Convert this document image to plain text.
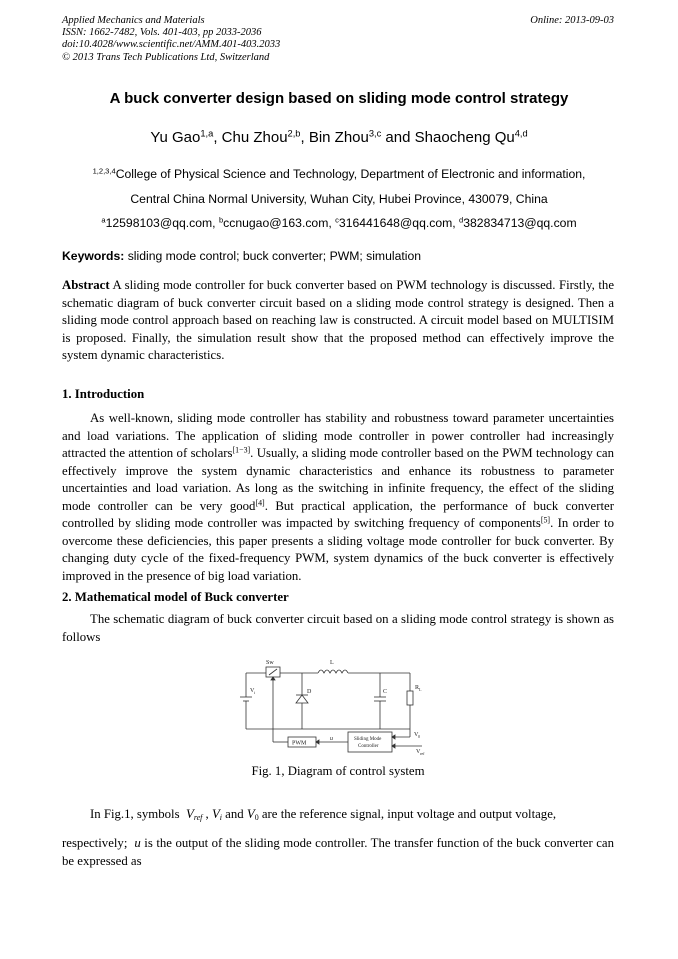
Applied Mechanics and Materials
ISSN: 1662-7482, Vols. 401-403, pp 2033-2036
doi:10.4028/www.scientific.net/AMM.401-403.2033
© 2013 Trans Tech Publications Ltd, Switzerland
Online: 2013-09-03
A buck converter design based on sliding mode control strategy
Yu Gao$^{1,a}$, Chu Zhou$^{2,b}$, Bin Zhou$^{3,c}$ and Shaocheng Qu$^{4,d}$
$^{1,2,3,4}$College of Physical Science and Technology, Department of Electronic and information,
Central China Normal University, Wuhan City, Hubei Province, 430079, China
$^a$12598103@qq.com, $^b$ccnugao@163.com, $^c$316441648@qq.com, $^d$382834713@qq.com
Keywords: sliding mode control; buck converter; PWM; simulation
Abstract A sliding mode controller for buck converter based on PWM technology is discussed. Firstly, the schematic diagram of buck converter circuit based on a sliding mode control strategy is designed. Then a sliding mode control approach based on reaching law is constructed. A circuit model based on MULTISIM is proposed. Finally, the simulation result show that the proposed method can effectively improve the system dynamic characteristics.
1. Introduction
As well-known, sliding mode controller has stability and robustness toward parameter uncertainties and load variations. The application of sliding mode controller in power controller had increasingly attracted the attention of scholars[1−3]. Usually, a sliding mode controller based on the PWM technology can effectively improve the system dynamic characteristics and enhance its robustness to parameter uncertainties and load variation. As long as the switching in infinite frequency, the effect of the sliding mode controller can be very good[4]. But practical application, the performance of buck converter controlled by sliding mode controller was impacted by switching frequency of components[5]. In order to overcome these deficiencies, this paper presents a sliding voltage mode controller for buck converter. By changing duty cycle of the fixed-frequency PWM, system dynamics of the buck converter is effectively improved in the presence of big load variation.
2. Mathematical model of Buck converter
The schematic diagram of buck converter circuit based on a sliding mode control strategy is shown as follows
Sw	L
D	C
R L
V i
V 0
V ref
u
PWM
Sliding Mode
Controller
Fig. 1, Diagram of control system
In Fig.1, symbols $V_{ref}$ , $V_i$ and $V_0$ are the reference signal, input voltage and output voltage,
respectively; u is the output of the sliding mode controller. The transfer function of the buck converter can be expressed as
